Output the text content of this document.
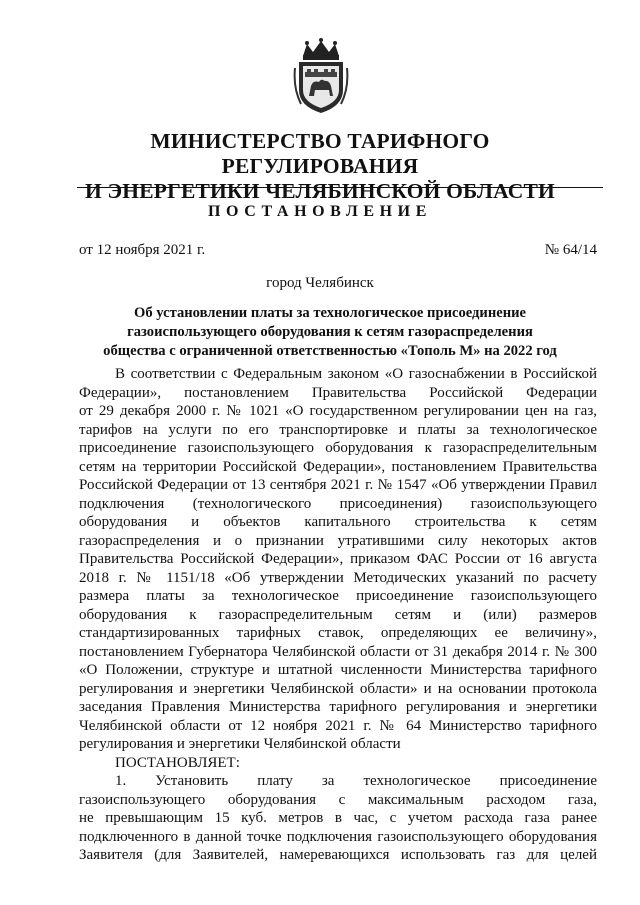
МИНИСТЕРСТВО ТАРИФНОГО РЕГУЛИРОВАНИЯ
И ЭНЕРГЕТИКИ ЧЕЛЯБИНСКОЙ ОБЛАСТИ
ПОСТАНОВЛЕНИЕ
от 12 ноября 2021 г.	№ 64/14
город Челябинск
Об установлении платы за технологическое присоединение
газоиспользующего оборудования к сетям газораспределения
общества с ограниченной ответственностью «Тополь М» на 2022 год
В соответствии с Федеральным законом «О газоснабжении в Российской
Федерации», постановлением Правительства Российской Федерации
от 29 декабря 2000 г. № 1021 «О государственном регулировании цен на газ,
тарифов на услуги по его транспортировке и платы за технологическое
присоединение газоиспользующего оборудования к газораспределительным
сетям на территории Российской Федерации», постановлением Правительства
Российской Федерации от 13 сентября 2021 г. № 1547 «Об утверждении Правил
подключения (технологического присоединения) газоиспользующего
оборудования и объектов капитального строительства к сетям
газораспределения и о признании утратившими силу некоторых актов
Правительства Российской Федерации», приказом ФАС России от 16 августа
2018 г. № 1151/18 «Об утверждении Методических указаний по расчету
размера платы за технологическое присоединение газоиспользующего
оборудования к газораспределительным сетям и (или) размеров
стандартизированных тарифных ставок, определяющих ее величину»,
постановлением Губернатора Челябинской области от 31 декабря 2014 г. № 300
«О Положении, структуре и штатной численности Министерства тарифного
регулирования и энергетики Челябинской области» и на основании протокола
заседания Правления Министерства тарифного регулирования и энергетики
Челябинской области от 12 ноября 2021 г. № 64 Министерство тарифного
регулирования и энергетики Челябинской области
ПОСТАНОВЛЯЕТ:
1. Установить плату за технологическое присоединение
газоиспользующего оборудования с максимальным расходом газа,
не превышающим 15 куб. метров в час, с учетом расхода газа ранее
подключенного в данной точке подключения газоиспользующего оборудования
Заявителя (для Заявителей, намеревающихся использовать газ для целей
